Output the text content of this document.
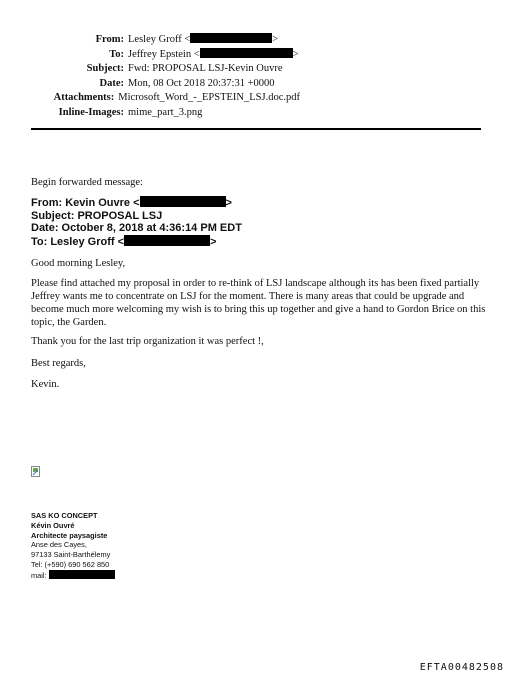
From: Lesley Groff <	>
To: Jeffrey Epstein <	>
Subject: Fwd: PROPOSAL LSJ-Kevin Ouvre
Date: Mon, 08 Oct 2018 20:37:31 +0000
Attachments: Microsoft_Word_-_EPSTEIN_LSJ.doc.pdf
Inline-Images: mime_part_3.png
Begin forwarded message:
From: Kevin Ouvre <	>
Subject: PROPOSAL LSJ
Date: October 8, 2018 at 4:36:14 PM EDT
To: Lesley Groff <	>
Good morning Lesley,
Please find attached my proposal in order to re-think of LSJ landscape although its has been fixed partially Jeffrey wants me to concentrate on LSJ for the moment. There is many areas that could be upgrade and become much more welcoming my wish is to bring this up together and give a hand to Gordon Brice on this topic, the Garden.
Thank you for the last trip organization it was perfect !,
Best regards,
Kevin.
SAS KO CONCEPT
Kévin Ouvré
Architecte paysagiste
Anse des Cayes,
97133 Saint-Barthélemy
Tel: (+590) 690 562 850
mail:
EFTA00482508
